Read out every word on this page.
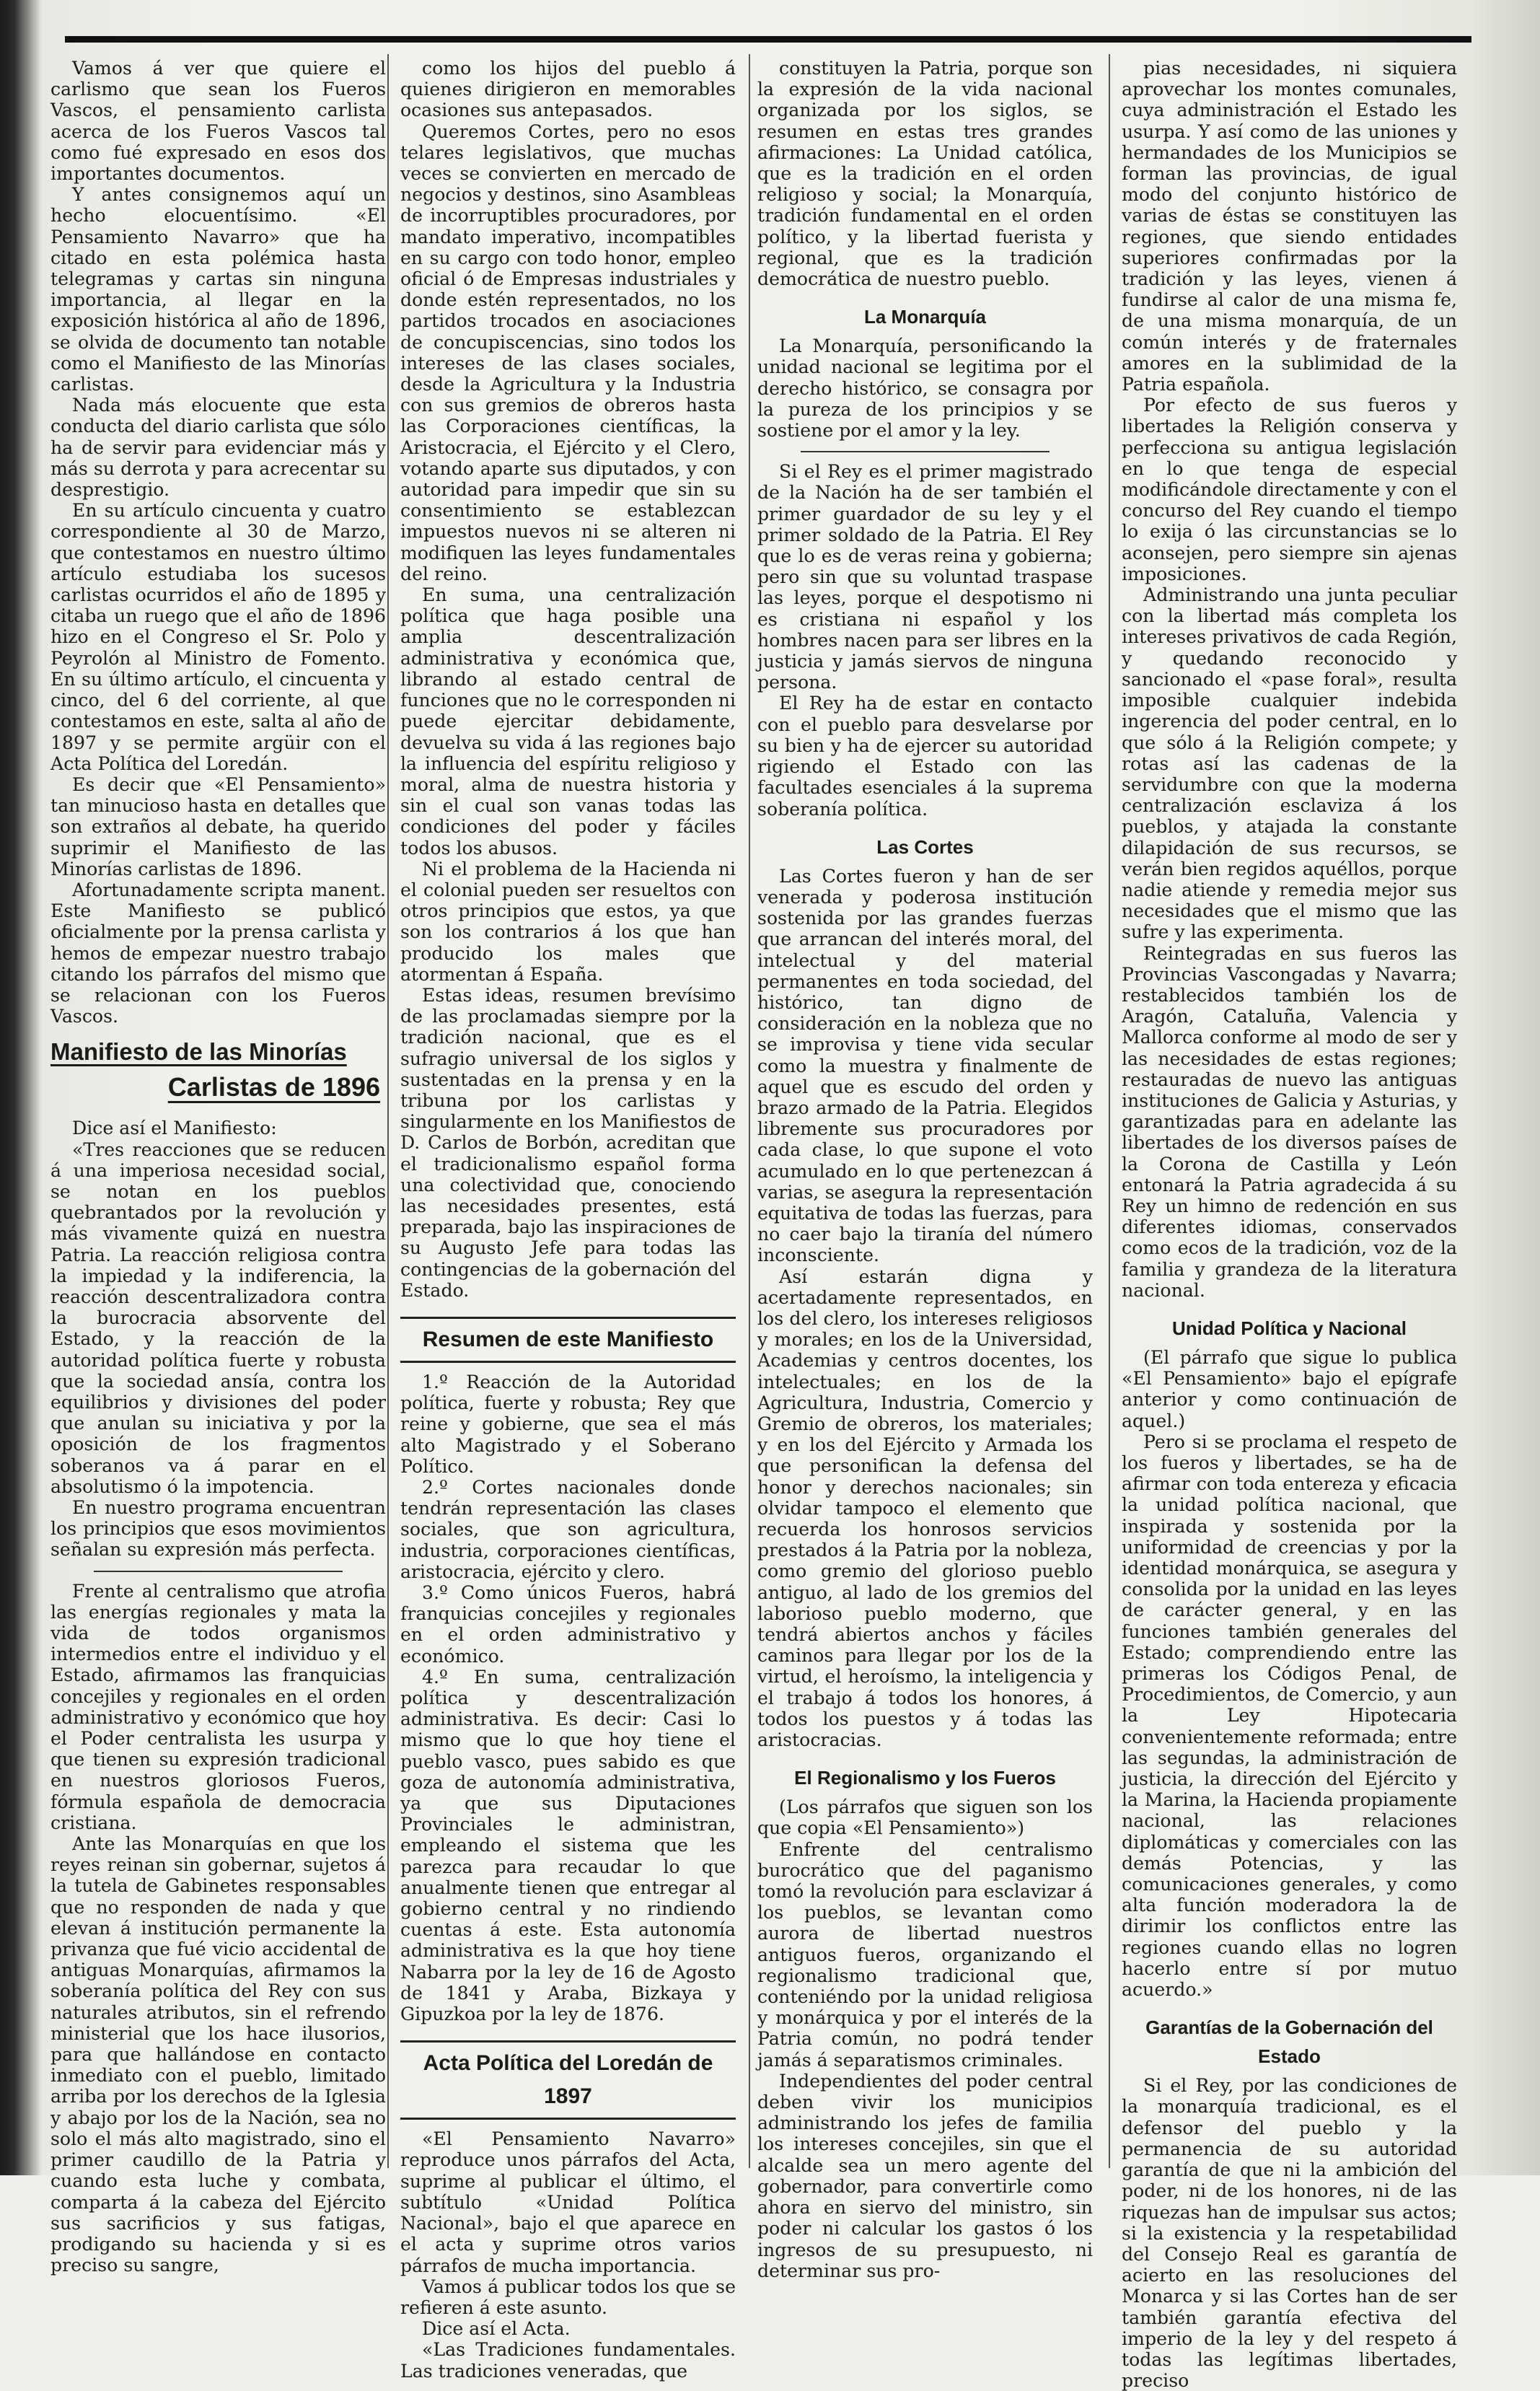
Vamos á ver que quiere el carlismo que sean los Fueros Vascos, el pensamiento carlista acerca de los Fueros Vascos tal como fué expresado en esos dos importantes documentos.

Y antes consignemos aquí un hecho elocuentísimo. «El Pensamiento Navarro» que ha citado en esta polémica hasta telegramas y cartas sin ninguna importancia, al llegar en la exposición histórica al año de 1896, se olvida de documento tan notable como el Manifiesto de las Minorías carlistas.

Nada más elocuente que esta conducta del diario carlista que sólo ha de servir para evidenciar más y más su derrota y para acrecentar su desprestigio.

En su artículo cincuenta y cuatro correspondiente al 30 de Marzo, que contestamos en nuestro último artículo estudiaba los sucesos carlistas ocurridos el año de 1895 y citaba un ruego que el año de 1896 hizo en el Congreso el Sr. Polo y Peyrolón al Ministro de Fomento. En su último artículo, el cincuenta y cinco, del 6 del corriente, al que contestamos en este, salta al año de 1897 y se permite argüir con el Acta Política del Loredán.

Es decir que «El Pensamiento» tan minucioso hasta en detalles que son extraños al debate, ha querido suprimir el Manifiesto de las Minorías carlistas de 1896.

Afortunadamente scripta manent. Este Manifiesto se publicó oficialmente por la prensa carlista y hemos de empezar nuestro trabajo citando los párrafos del mismo que se relacionan con los Fueros Vascos.

Manifiesto de las Minorías
Carlistas de 1896

Dice así el Manifiesto:

«Tres reacciones que se reducen á una imperiosa necesidad social, se notan en los pueblos quebrantados por la revolución y más vivamente quizá en nuestra Patria. La reacción religiosa contra la impiedad y la indiferencia, la reacción descentralizadora contra la burocracia absorvente del Estado, y la reacción de la autoridad política fuerte y robusta que la sociedad ansía, contra los equilibrios y divisiones del poder que anulan su iniciativa y por la oposición de los fragmentos soberanos va á parar en el absolutismo ó la impotencia.

En nuestro programa encuentran los principios que esos movimientos señalan su expresión más perfecta.

Frente al centralismo que atrofia las energías regionales y mata la vida de todos organismos intermedios entre el individuo y el Estado, afirmamos las franquicias concejiles y regionales en el orden administrativo y económico que hoy el Poder centralista les usurpa y que tienen su expresión tradicional en nuestros gloriosos Fueros, fórmula española de democracia cristiana.

Ante las Monarquías en que los reyes reinan sin gobernar, sujetos á la tutela de Gabinetes responsables que no responden de nada y que elevan á institución permanente la privanza que fué vicio accidental de antiguas Monarquías, afirmamos la soberanía política del Rey con sus naturales atributos, sin el refrendo ministerial que los hace ilusorios, para que hallándose en contacto inmediato con el pueblo, limitado arriba por los derechos de la Iglesia y abajo por los de la Nación, sea no solo el más alto magistrado, sino el primer caudillo de la Patria y cuando esta luche y combata, comparta á la cabeza del Ejército sus sacrificios y sus fatigas, prodigando su hacienda y si es preciso su sangre,

como los hijos del pueblo á quienes dirigieron en memorables ocasiones sus antepasados.

Queremos Cortes, pero no esos telares legislativos, que muchas veces se convierten en mercado de negocios y destinos, sino Asambleas de incorruptibles procuradores, por mandato imperativo, incompatibles en su cargo con todo honor, empleo oficial ó de Empresas industriales y donde estén representados, no los partidos trocados en asociaciones de concupiscencias, sino todos los intereses de las clases sociales, desde la Agricultura y la Industria con sus gremios de obreros hasta las Corporaciones científicas, la Aristocracia, el Ejército y el Clero, votando aparte sus diputados, y con autoridad para impedir que sin su consentimiento se establezcan impuestos nuevos ni se alteren ni modifiquen las leyes fundamentales del reino.

En suma, una centralización política que haga posible una amplia descentralización administrativa y económica que, librando al estado central de funciones que no le corresponden ni puede ejercitar debidamente, devuelva su vida á las regiones bajo la influencia del espíritu religioso y moral, alma de nuestra historia y sin el cual son vanas todas las condiciones del poder y fáciles todos los abusos.

Ni el problema de la Hacienda ni el colonial pueden ser resueltos con otros principios que estos, ya que son los contrarios á los que han producido los males que atormentan á España.

Estas ideas, resumen brevísimo de las proclamadas siempre por la tradición nacional, que es el sufragio universal de los siglos y sustentadas en la prensa y en la tribuna por los carlistas y singularmente en los Manifiestos de D. Carlos de Borbón, acreditan que el tradicionalismo español forma una colectividad que, conociendo las necesidades presentes, está preparada, bajo las inspiraciones de su Augusto Jefe para todas las contingencias de la gobernación del Estado.

Resumen de este Manifiesto

1.º Reacción de la Autoridad política, fuerte y robusta; Rey que reine y gobierne, que sea el más alto Magistrado y el Soberano Político.

2.º Cortes nacionales donde tendrán representación las clases sociales, que son agricultura, industria, corporaciones científicas, aristocracia, ejército y clero.

3.º Como únicos Fueros, habrá franquicias concejiles y regionales en el orden administrativo y económico.

4.º En suma, centralización política y descentralización administrativa. Es decir: Casi lo mismo que lo que hoy tiene el pueblo vasco, pues sabido es que goza de autonomía administrativa, ya que sus Diputaciones Provinciales le administran, empleando el sistema que les parezca para recaudar lo que anualmente tienen que entregar al gobierno central y no rindiendo cuentas á este. Esta autonomía administrativa es la que hoy tiene Nabarra por la ley de 16 de Agosto de 1841 y Araba, Bizkaya y Gipuzkoa por la ley de 1876.

Acta Política del Loredán de 1897

«El Pensamiento Navarro» reproduce unos párrafos del Acta, suprime al publicar el último, el subtítulo «Unidad Política Nacional», bajo el que aparece en el acta y suprime otros varios párrafos de mucha importancia.

Vamos á publicar todos los que se refieren á este asunto.

Dice así el Acta.

«Las Tradiciones fundamentales. Las tradiciones veneradas, que

constituyen la Patria, porque son la expresión de la vida nacional organizada por los siglos, se resumen en estas tres grandes afirmaciones: La Unidad católica, que es la tradición en el orden religioso y social; la Monarquía, tradición fundamental en el orden político, y la libertad fuerista y regional, que es la tradición democrática de nuestro pueblo.

La Monarquía

La Monarquía, personificando la unidad nacional se legitima por el derecho histórico, se consagra por la pureza de los principios y se sostiene por el amor y la ley.

Si el Rey es el primer magistrado de la Nación ha de ser también el primer guardador de su ley y el primer soldado de la Patria. El Rey que lo es de veras reina y gobierna; pero sin que su voluntad traspase las leyes, porque el despotismo ni es cristiana ni español y los hombres nacen para ser libres en la justicia y jamás siervos de ninguna persona.

El Rey ha de estar en contacto con el pueblo para desvelarse por su bien y ha de ejercer su autoridad rigiendo el Estado con las facultades esenciales á la suprema soberanía política.

Las Cortes

Las Cortes fueron y han de ser venerada y poderosa institución sostenida por las grandes fuerzas que arrancan del interés moral, del intelectual y del material permanentes en toda sociedad, del histórico, tan digno de consideración en la nobleza que no se improvisa y tiene vida secular como la muestra y finalmente de aquel que es escudo del orden y brazo armado de la Patria. Elegidos libremente sus procuradores por cada clase, lo que supone el voto acumulado en lo que pertenezcan á varias, se asegura la representación equitativa de todas las fuerzas, para no caer bajo la tiranía del número inconsciente.

Así estarán digna y acertadamente representados, en los del clero, los intereses religiosos y morales; en los de la Universidad, Academias y centros docentes, los intelectuales; en los de la Agricultura, Industria, Comercio y Gremio de obreros, los materiales; y en los del Ejército y Armada los que personifican la defensa del honor y derechos nacionales; sin olvidar tampoco el elemento que recuerda los honrosos servicios prestados á la Patria por la nobleza, como gremio del glorioso pueblo antiguo, al lado de los gremios del laborioso pueblo moderno, que tendrá abiertos anchos y fáciles caminos para llegar por los de la virtud, el heroísmo, la inteligencia y el trabajo á todos los honores, á todos los puestos y á todas las aristocracias.

El Regionalismo y los Fueros

(Los párrafos que siguen son los que copia «El Pensamiento»)

Enfrente del centralismo burocrático que del paganismo tomó la revolución para esclavizar á los pueblos, se levantan como aurora de libertad nuestros antiguos fueros, organizando el regionalismo tradicional que, conteniéndo por la unidad religiosa y monárquica y por el interés de la Patria común, no podrá tender jamás á separatismos criminales.

Independientes del poder central deben vivir los municipios administrando los jefes de familia los intereses concejiles, sin que el alcalde sea un mero agente del gobernador, para convertirle como ahora en siervo del ministro, sin poder ni calcular los gastos ó los ingresos de su presupuesto, ni determinar sus pro-

pias necesidades, ni siquiera aprovechar los montes comunales, cuya administración el Estado les usurpa. Y así como de las uniones y hermandades de los Municipios se forman las provincias, de igual modo del conjunto histórico de varias de éstas se constituyen las regiones, que siendo entidades superiores confirmadas por la tradición y las leyes, vienen á fundirse al calor de una misma fe, de una misma monarquía, de un común interés y de fraternales amores en la sublimidad de la Patria española.

Por efecto de sus fueros y libertades la Religión conserva y perfecciona su antigua legislación en lo que tenga de especial modificándole directamente y con el concurso del Rey cuando el tiempo lo exija ó las circunstancias se lo aconsejen, pero siempre sin ajenas imposiciones.

Administrando una junta peculiar con la libertad más completa los intereses privativos de cada Región, y quedando reconocido y sancionado el «pase foral», resulta imposible cualquier indebida ingerencia del poder central, en lo que sólo á la Religión compete; y rotas así las cadenas de la servidumbre con que la moderna centralización esclaviza á los pueblos, y atajada la constante dilapidación de sus recursos, se verán bien regidos aquéllos, porque nadie atiende y remedia mejor sus necesidades que el mismo que las sufre y las experimenta.

Reintegradas en sus fueros las Provincias Vascongadas y Navarra; restablecidos también los de Aragón, Cataluña, Valencia y Mallorca conforme al modo de ser y las necesidades de estas regiones; restauradas de nuevo las antiguas instituciones de Galicia y Asturias, y garantizadas para en adelante las libertades de los diversos países de la Corona de Castilla y León entonará la Patria agradecida á su Rey un himno de redención en sus diferentes idiomas, conservados como ecos de la tradición, voz de la familia y grandeza de la literatura nacional.

Unidad Política y Nacional

(El párrafo que sigue lo publica «El Pensamiento» bajo el epígrafe anterior y como continuación de aquel.)

Pero si se proclama el respeto de los fueros y libertades, se ha de afirmar con toda entereza y eficacia la unidad política nacional, que inspirada y sostenida por la uniformidad de creencias y por la identidad monárquica, se asegura y consolida por la unidad en las leyes de carácter general, y en las funciones también generales del Estado; comprendiendo entre las primeras los Códigos Penal, de Procedimientos, de Comercio, y aun la Ley Hipotecaria convenientemente reformada; entre las segundas, la administración de justicia, la dirección del Ejército y la Marina, la Hacienda propiamente nacional, las relaciones diplomáticas y comerciales con las demás Potencias, y las comunicaciones generales, y como alta función moderadora la de dirimir los conflictos entre las regiones cuando ellas no logren hacerlo entre sí por mutuo acuerdo.»

Garantías de la Gobernación del Estado

Si el Rey, por las condiciones de la monarquía tradicional, es el defensor del pueblo y la permanencia de su autoridad garantía de que ni la ambición del poder, ni de los honores, ni de las riquezas han de impulsar sus actos; si la existencia y la respetabilidad del Consejo Real es garantía de acierto en las resoluciones del Monarca y si las Cortes han de ser también garantía efectiva del imperio de la ley y del respeto á todas las legítimas libertades, preciso
